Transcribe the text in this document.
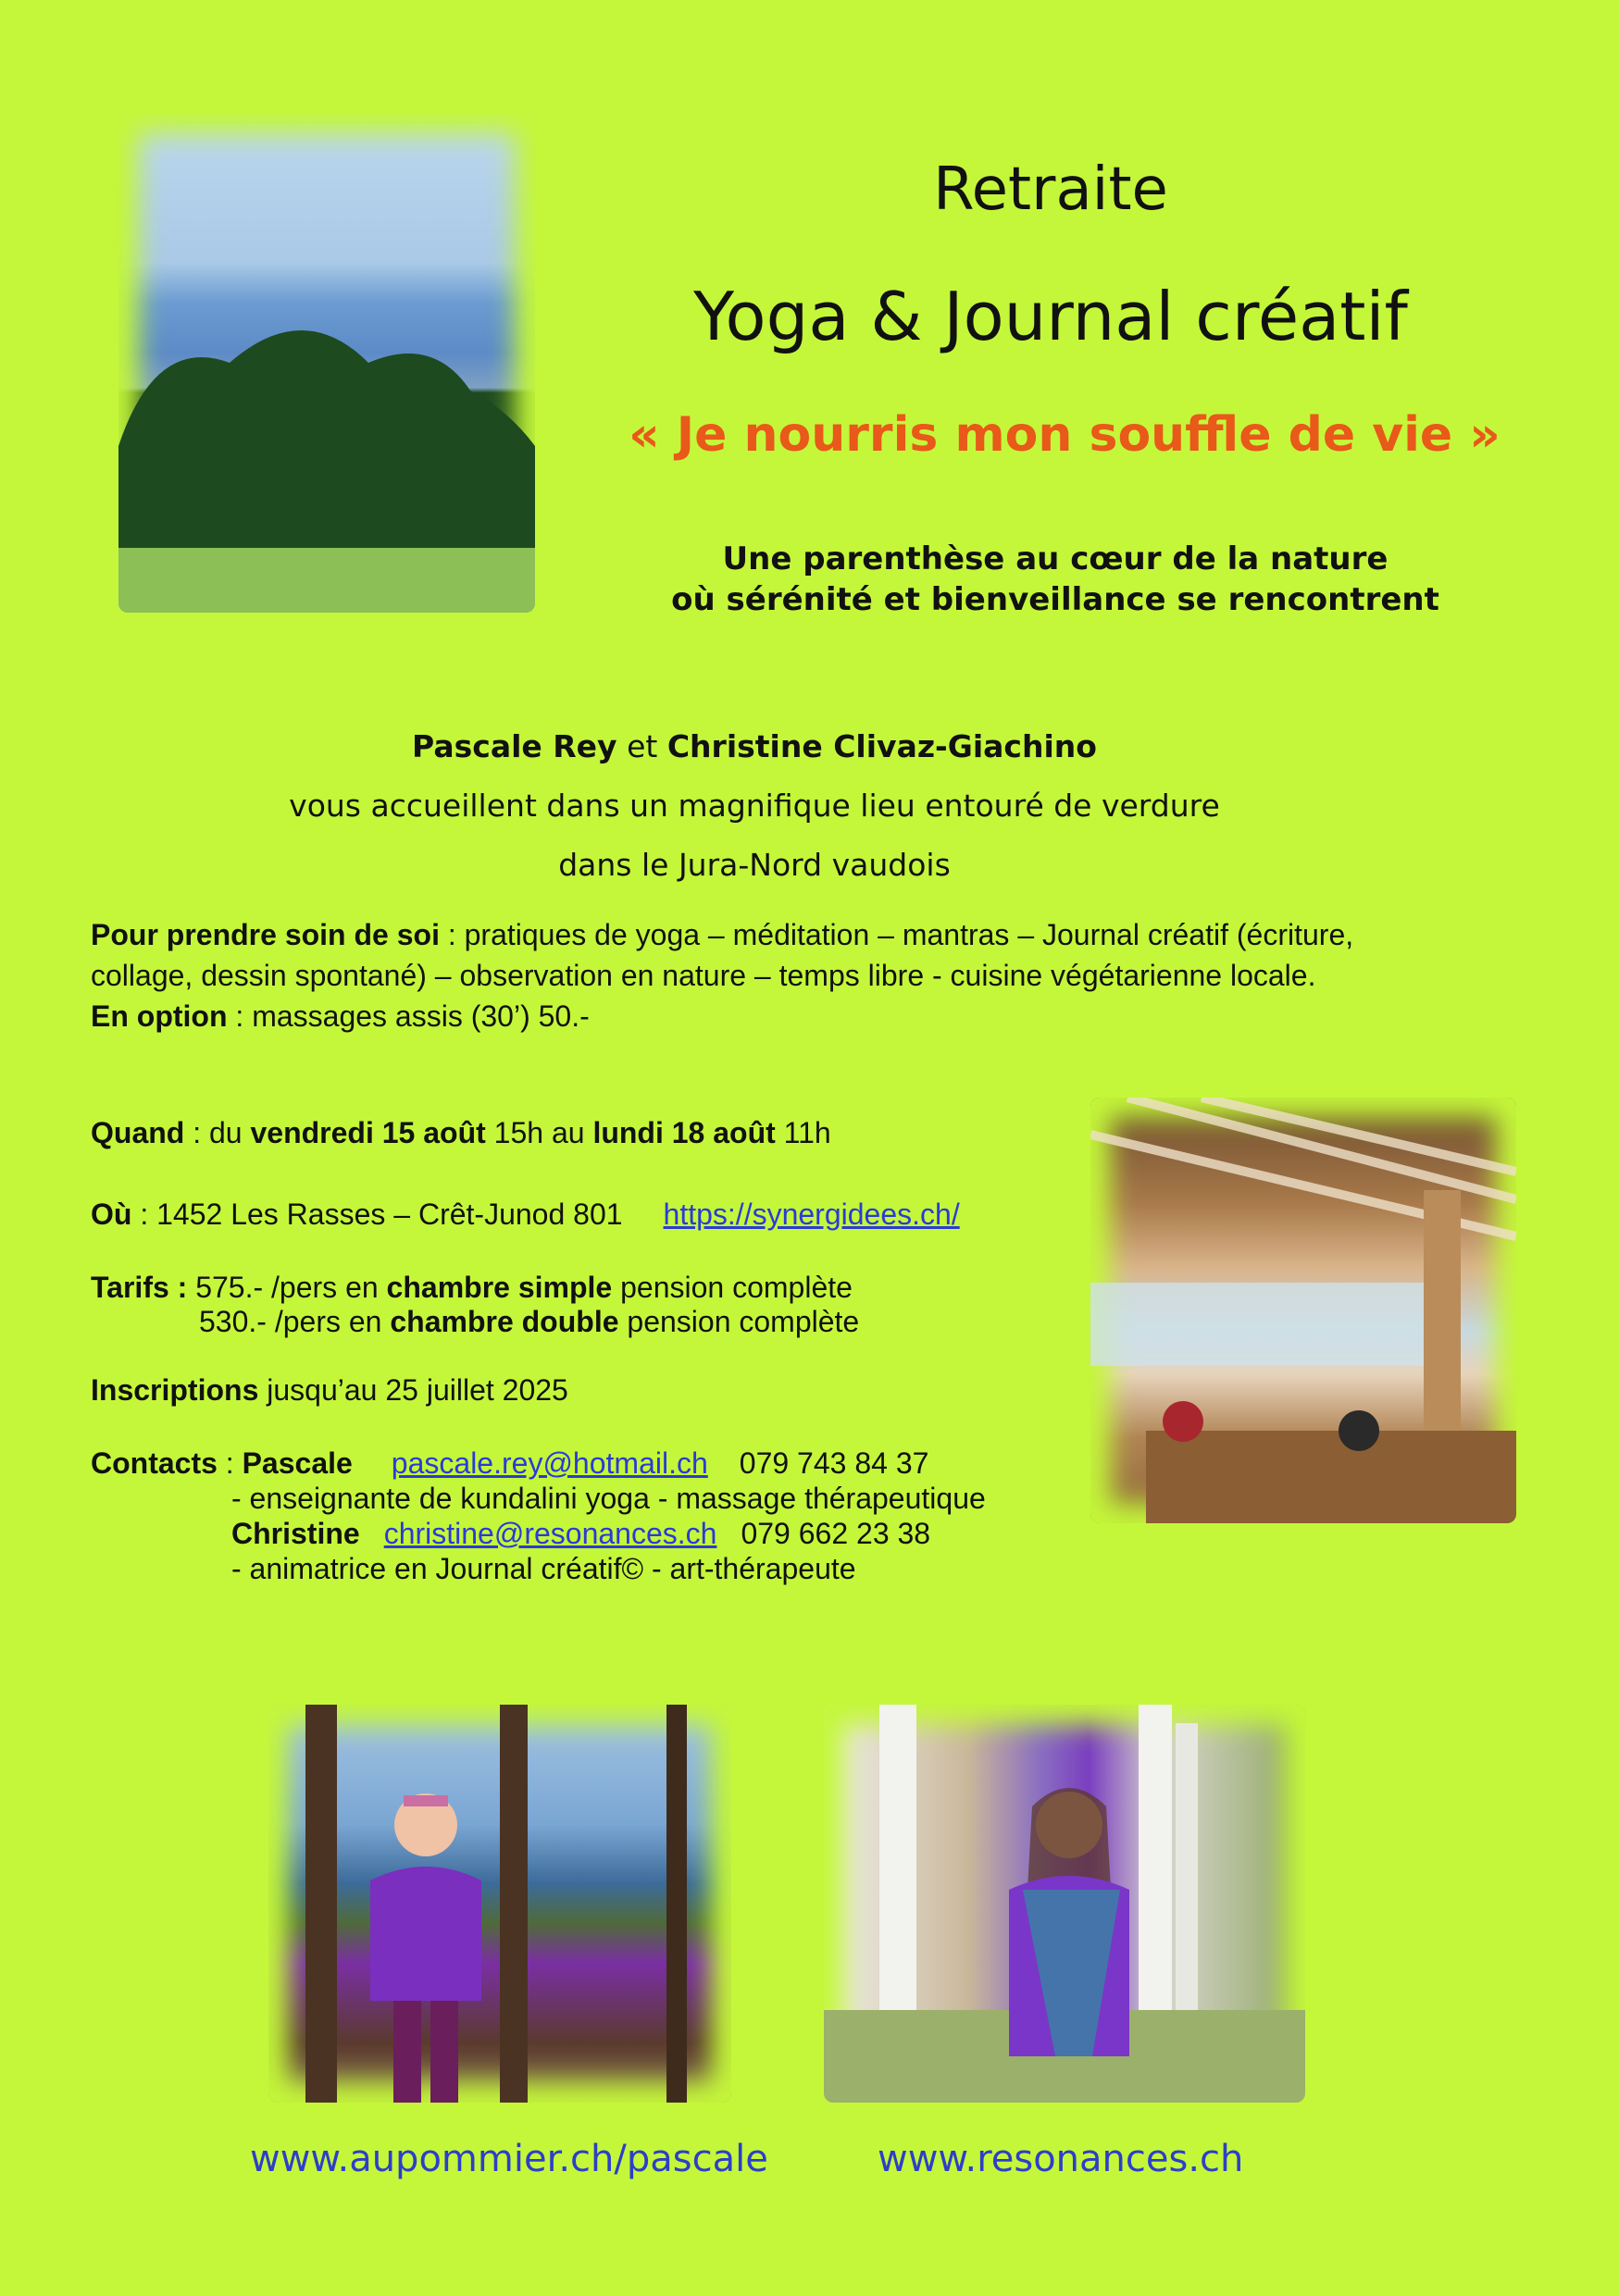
Retraite
Yoga & Journal créatif
« Je nourris mon souffle de vie »
Une parenthèse au cœur de la nature
où sérénité et bienveillance se rencontrent
Pascale Rey et Christine Clivaz-Giachino
vous accueillent dans un magnifique lieu entouré de verdure
dans le Jura-Nord vaudois
Pour prendre soin de soi : pratiques de yoga – méditation – mantras – Journal créatif (écriture,
collage, dessin spontané) – observation en nature – temps libre - cuisine végétarienne locale.
En option : massages assis (30’) 50.-
Quand : du vendredi 15 août 15h au lundi 18 août 11h
Où : 1452 Les Rasses – Crêt-Junod 801 https://synergidees.ch/
Tarifs : 575.- /pers en chambre simple pension complète
530.- /pers en chambre double pension complète
Inscriptions jusqu’au 25 juillet 2025
Contacts : Pascale pascale.rey@hotmail.ch 079 743 84 37
- enseignante de kundalini yoga - massage thérapeutique
Christine christine@resonances.ch 079 662 23 38
- animatrice en Journal créatif© - art-thérapeute
www.aupommier.ch/pascale	www.resonances.ch
